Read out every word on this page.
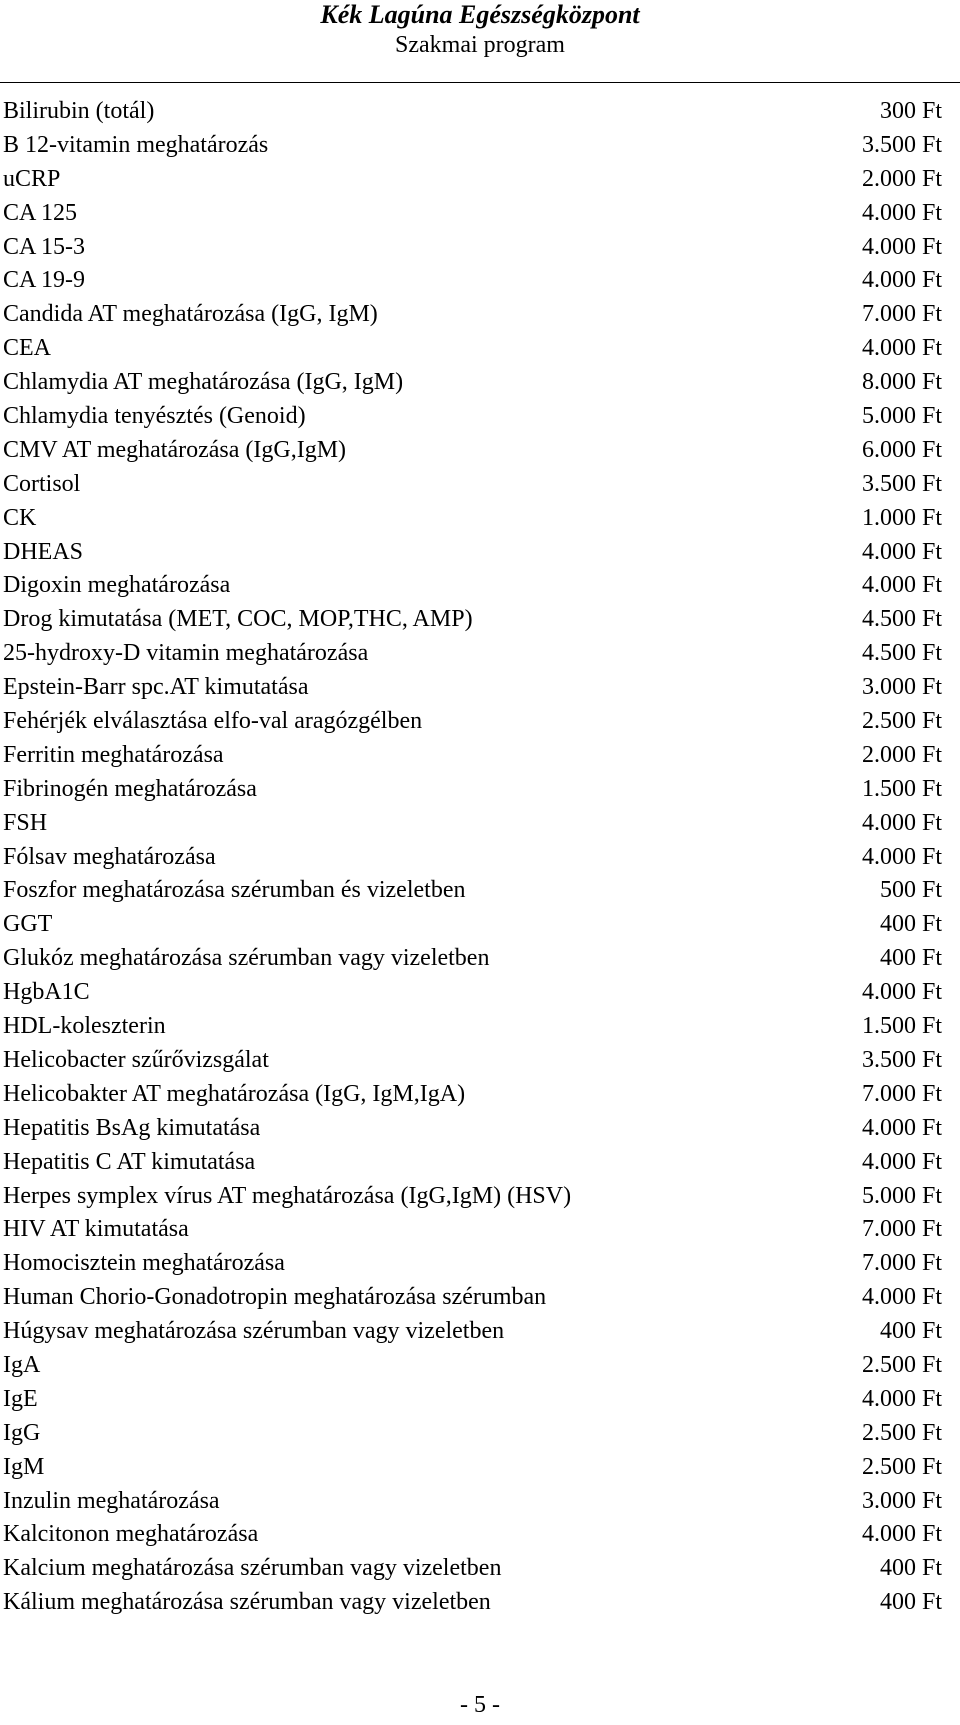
Kék Lagúna Egészségközpont
Szakmai program
Bilirubin (totál)	300 Ft
B 12-vitamin meghatározás	3.500 Ft
uCRP	2.000 Ft
CA 125	4.000 Ft
CA 15-3	4.000 Ft
CA 19-9	4.000 Ft
Candida AT meghatározása (IgG, IgM)	7.000 Ft
CEA	4.000 Ft
Chlamydia AT meghatározása (IgG, IgM)	8.000 Ft
Chlamydia tenyésztés (Genoid)	5.000 Ft
CMV AT meghatározása (IgG,IgM)	6.000 Ft
Cortisol	3.500 Ft
CK	1.000 Ft
DHEAS	4.000 Ft
Digoxin meghatározása	4.000 Ft
Drog kimutatása (MET, COC, MOP,THC, AMP)	4.500 Ft
25-hydroxy-D vitamin meghatározása	4.500 Ft
Epstein-Barr spc.AT kimutatása	3.000 Ft
Fehérjék elválasztása elfo-val aragózgélben	2.500 Ft
Ferritin meghatározása	2.000 Ft
Fibrinogén meghatározása	1.500 Ft
FSH	4.000 Ft
Fólsav meghatározása	4.000 Ft
Foszfor meghatározása szérumban és vizeletben	500 Ft
GGT	400 Ft
Glukóz meghatározása szérumban vagy vizeletben	400 Ft
HgbA1C	4.000 Ft
HDL-koleszterin	1.500 Ft
Helicobacter szűrővizsgálat	3.500 Ft
Helicobakter AT meghatározása (IgG, IgM,IgA)	7.000 Ft
Hepatitis BsAg kimutatása	4.000 Ft
Hepatitis C AT kimutatása	4.000 Ft
Herpes symplex vírus AT meghatározása (IgG,IgM) (HSV)	5.000 Ft
HIV AT kimutatása	7.000 Ft
Homocisztein meghatározása	7.000 Ft
Human Chorio-Gonadotropin meghatározása szérumban	4.000 Ft
Húgysav meghatározása szérumban vagy vizeletben	400 Ft
IgA	2.500 Ft
IgE	4.000 Ft
IgG	2.500 Ft
IgM	2.500 Ft
Inzulin meghatározása	3.000 Ft
Kalcitonon meghatározása	4.000 Ft
Kalcium meghatározása szérumban vagy vizeletben	400 Ft
Kálium meghatározása szérumban vagy vizeletben	400 Ft
- 5 -
